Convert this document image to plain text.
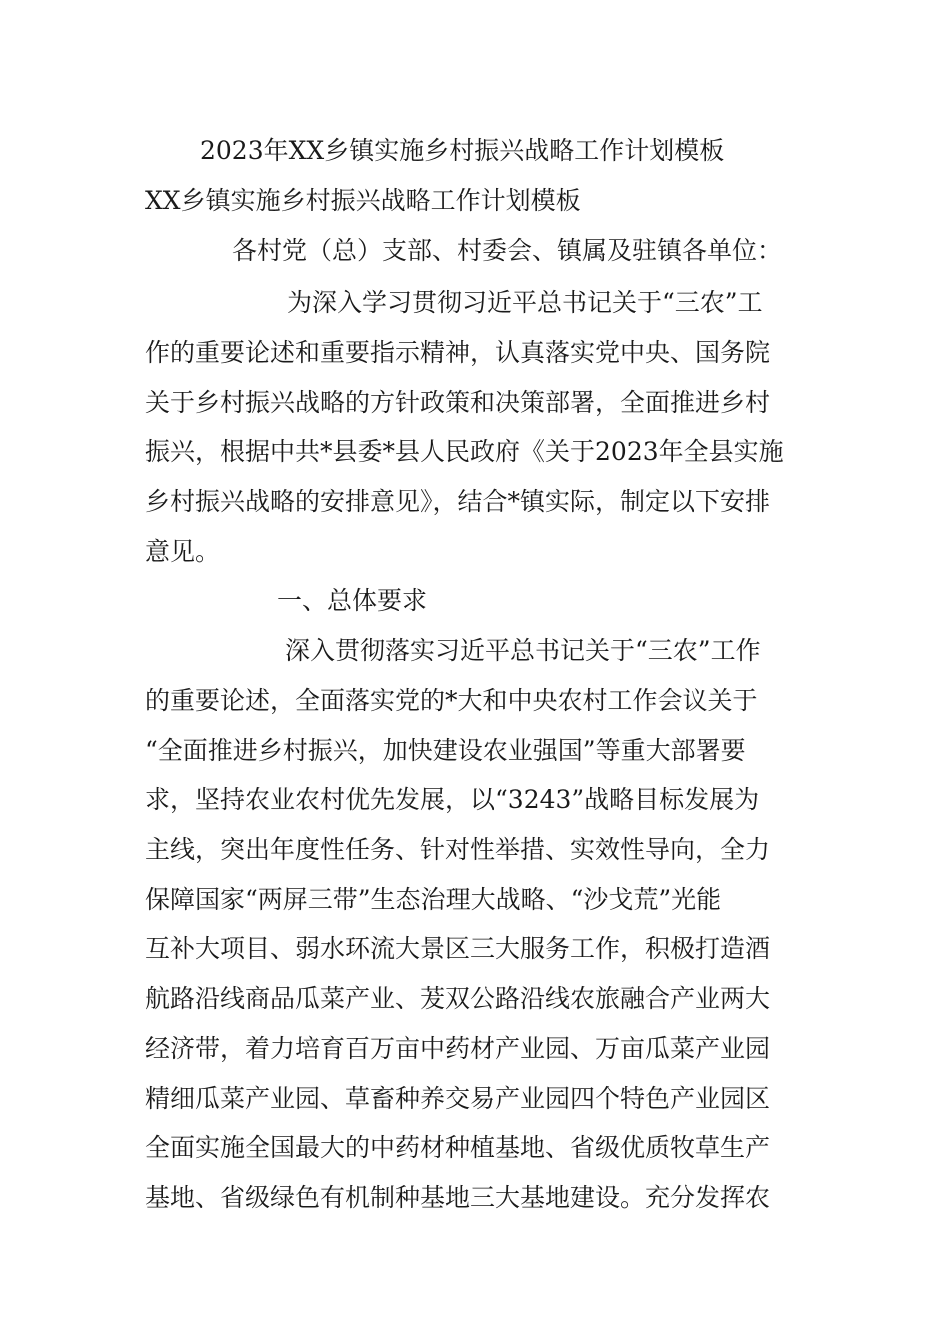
2023年XX乡镇实施乡村振兴战略工作计划模板
XX乡镇实施乡村振兴战略工作计划模板
各村党（总）支部、村委会、镇属及驻镇各单位：
为深入学习贯彻习近平总书记关于“三农”工
作的重要论述和重要指示精神，认真落实党中央、国务院
关于乡村振兴战略的方针政策和决策部署，全面推进乡村
振兴，根据中共*县委*县人民政府《关于2023年全县实施
乡村振兴战略的安排意见》，结合*镇实际，制定以下安排
意见。
一、总体要求
深入贯彻落实习近平总书记关于“三农”工作
的重要论述，全面落实党的*大和中央农村工作会议关于
“全面推进乡村振兴，加快建设农业强国”等重大部署要
求，坚持农业农村优先发展，以“3243”战略目标发展为
主线，突出年度性任务、针对性举措、实效性导向，全力
保障国家“两屏三带”生态治理大战略、“沙戈荒”光能
互补大项目、弱水环流大景区三大服务工作，积极打造酒
航路沿线商品瓜菜产业、茇双公路沿线农旅融合产业两大
经济带，着力培育百万亩中药材产业园、万亩瓜菜产业园
精细瓜菜产业园、草畜种养交易产业园四个特色产业园区
全面实施全国最大的中药材种植基地、省级优质牧草生产
基地、省级绿色有机制种基地三大基地建设。充分发挥农
